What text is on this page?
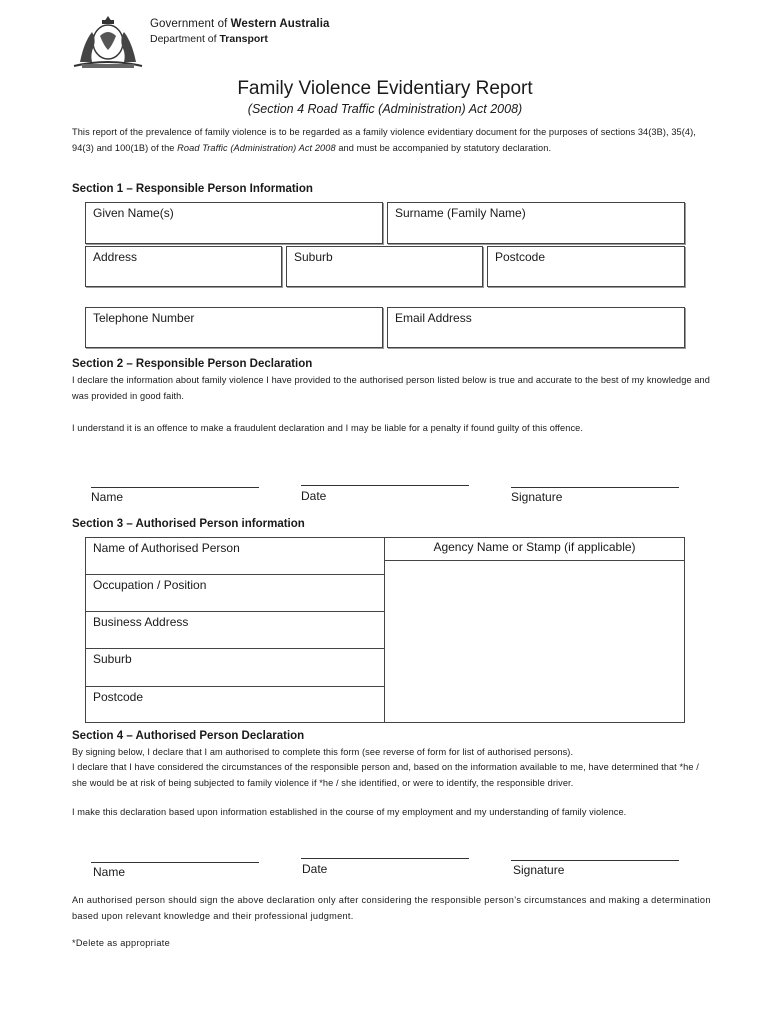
Government of Western Australia
Department of Transport
Family Violence Evidentiary Report
(Section 4 Road Traffic (Administration) Act 2008)
This report of the prevalence of family violence is to be regarded as a family violence evidentiary document for the purposes of sections 34(3B), 35(4), 94(3) and 100(1B) of the Road Traffic (Administration) Act 2008 and must be accompanied by statutory declaration.
Section 1 – Responsible Person Information
Given Name(s)	Surname (Family Name)
Address	Suburb	Postcode
Telephone Number	Email Address
Section 2 – Responsible Person Declaration
I declare the information about family violence I have provided to the authorised person listed below is true and accurate to the best of my knowledge and was provided in good faith.
I understand it is an offence to make a fraudulent declaration and I may be liable for a penalty if found guilty of this offence.
Name	Date	Signature
Section 3 – Authorised Person information
Agency Name or Stamp (if applicable)
Name of Authorised Person
Occupation / Position
Business Address
Suburb
Postcode
Section 4 – Authorised Person Declaration
By signing below, I declare that I am authorised to complete this form (see reverse of form for list of authorised persons).
I declare that I have considered the circumstances of the responsible person and, based on the information available to me, have determined that *he / she would be at risk of being subjected to family violence if *he / she identified, or were to identify, the responsible driver.
I make this declaration based upon information established in the course of my employment and my understanding of family violence.
Name	Date	Signature
An authorised person should sign the above declaration only after considering the responsible person’s circumstances and making a determination based upon relevant knowledge and their professional judgment.
*Delete as appropriate
